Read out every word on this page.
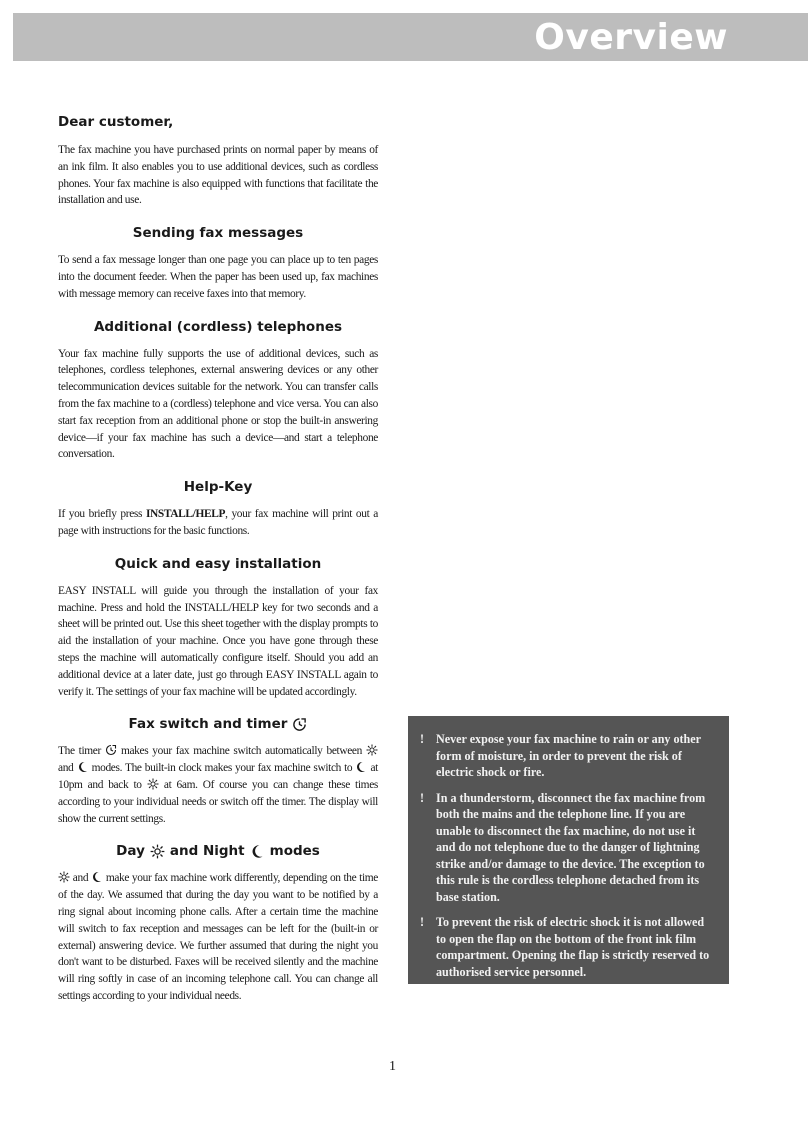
Overview
Dear customer,

The fax machine you have purchased prints on normal paper by means of an ink film. It also enables you to use additional devices, such as cordless phones. Your fax machine is also equipped with functions that facilitate the installation and use.

Sending fax messages

To send a fax message longer than one page you can place up to ten pages into the document feeder. When the paper has been used up, fax machines with message memory can receive faxes into that memory.

Additional (cordless) telephones

Your fax machine fully supports the use of additional devices, such as telephones, cordless telephones, external answering devices or any other telecommunication devices suitable for the network. You can transfer calls from the fax machine to a (cordless) telephone and vice versa. You can also start fax reception from an additional phone or stop the built-in answering device—if your fax machine has such a device—and start a telephone conversation.

Help-Key

If you briefly press INSTALL/HELP, your fax machine will print out a page with instructions for the basic functions.

Quick and easy installation

EASY INSTALL will guide you through the installation of your fax machine. Press and hold the INSTALL/HELP key for two seconds and a sheet will be printed out. Use this sheet together with the display prompts to aid the installation of your machine. Once you have gone through these steps the machine will automatically configure itself. Should you add an additional device at a later date, just go through EASY INSTALL again to verify it. The settings of your fax machine will be updated accordingly.

Fax switch and timer

The timer
makes your fax machine switch automatically between
and
modes. The built-in clock makes your fax machine switch to
at 10pm and back to
at 6am. Of course you can change these times according to your individual needs or switch off the timer. The display will show the current settings.

Day and Night modes

and
make your fax machine work differently, depending on the time of the day. We assumed that during the day you want to be notified by a ring signal about incoming phone calls. After a certain time the machine will switch to fax reception and messages can be left for the (built-in or external) answering device. We further assumed that during the night you don't want to be disturbed. Faxes will be received silently and the machine will ring softly in case of an incoming telephone call. You can change all settings according to your individual needs.

! Never expose your fax machine to rain or any other form of moisture, in order to prevent the risk of electric shock or fire.
! In a thunderstorm, disconnect the fax machine from both the mains and the telephone line. If you are unable to disconnect the fax machine, do not use it and do not telephone due to the danger of lightning strike and/or damage to the device. The exception to this rule is the cordless telephone detached from its base station.
! To prevent the risk of electric shock it is not allowed to open the flap on the bottom of the front ink film compartment. Opening the flap is strictly reserved to authorised service personnel.
1
